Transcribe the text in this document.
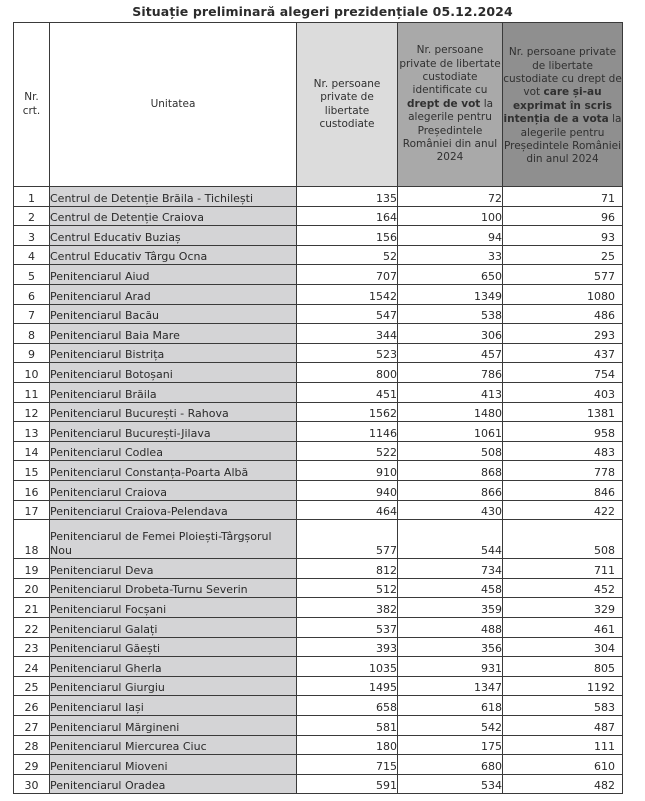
Situație preliminară alegeri prezidențiale 05.12.2024
Nr. crt.	Unitatea	Nr. persoane private de libertate custodiate	Nr. persoane private de libertate custodiate identificate cu drept de vot la alegerile pentru Președintele României din anul 2024	Nr. persoane private de libertate custodiate cu drept de vot care și-au exprimat în scris intenția de a vota la alegerile pentru Președintele României din anul 2024

1	Centrul de Detenție Brăila - Tichilești	135	72	71
2	Centrul de Detenție Craiova	164	100	96
3	Centrul Educativ Buziaș	156	94	93
4	Centrul Educativ Târgu Ocna	52	33	25
5	Penitenciarul Aiud	707	650	577
6	Penitenciarul Arad	1542	1349	1080
7	Penitenciarul Bacău	547	538	486
8	Penitenciarul Baia Mare	344	306	293
9	Penitenciarul Bistrița	523	457	437
10	Penitenciarul Botoșani	800	786	754
11	Penitenciarul Brăila	451	413	403
12	Penitenciarul București - Rahova	1562	1480	1381
13	Penitenciarul București-Jilava	1146	1061	958
14	Penitenciarul Codlea	522	508	483
15	Penitenciarul Constanța-Poarta Albă	910	868	778
16	Penitenciarul Craiova	940	866	846
17	Penitenciarul Craiova-Pelendava	464	430	422
18	Penitenciarul de Femei Ploiești-Târgșorul Nou	577	544	508
19	Penitenciarul Deva	812	734	711
20	Penitenciarul Drobeta-Turnu Severin	512	458	452
21	Penitenciarul Focșani	382	359	329
22	Penitenciarul Galați	537	488	461
23	Penitenciarul Găești	393	356	304
24	Penitenciarul Gherla	1035	931	805
25	Penitenciarul Giurgiu	1495	1347	1192
26	Penitenciarul Iași	658	618	583
27	Penitenciarul Mărgineni	581	542	487
28	Penitenciarul Miercurea Ciuc	180	175	111
29	Penitenciarul Mioveni	715	680	610
30	Penitenciarul Oradea	591	534	482
